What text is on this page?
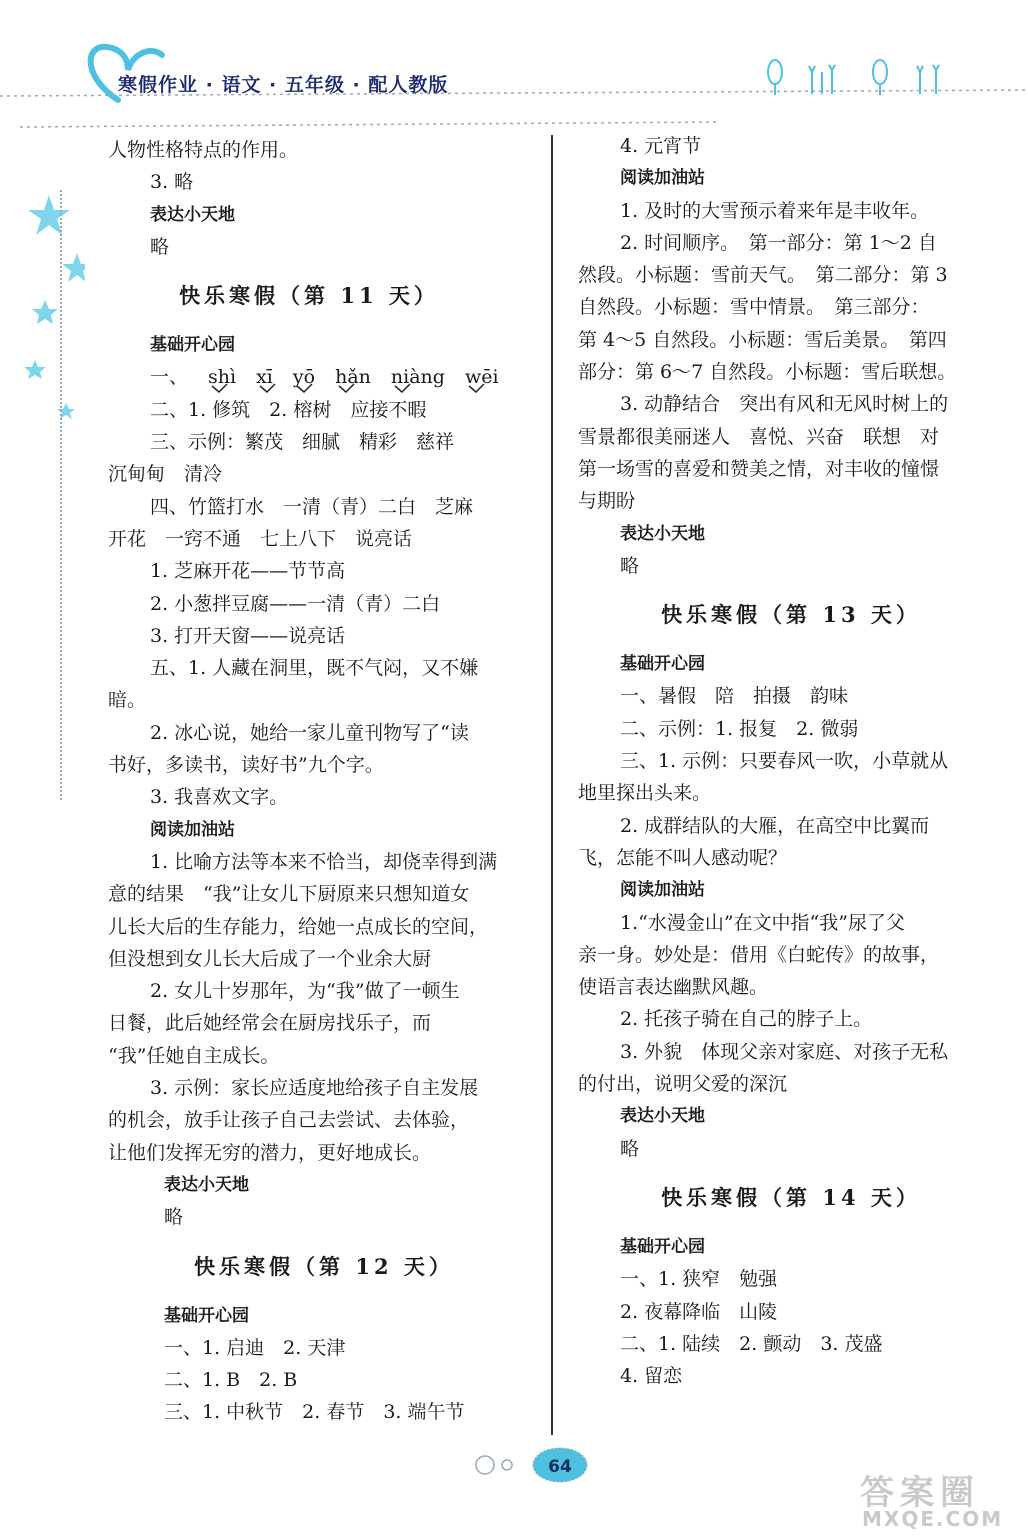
寒假作业 · 语文 · 五年级 · 配人教版
人物性格特点的作用。
3. 略
表达小天地
略
快乐寒假（第 11 天）
基础开心园
一、 shì xī yō hǎn niàng wēi
二、1. 修筑　2. 榕树　应接不暇
三、示例：繁茂　细腻　精彩　慈祥
沉甸甸　清冷
四、竹篮打水　一清（青）二白　芝麻
开花　一窍不通　七上八下　说亮话
1. 芝麻开花——节节高
2. 小葱拌豆腐——一清（青）二白
3. 打开天窗——说亮话
五、1. 人藏在洞里，既不气闷，又不嫌
暗。
2. 冰心说，她给一家儿童刊物写了“读
书好，多读书，读好书”九个字。
3. 我喜欢文字。
阅读加油站
1. 比喻方法等本来不恰当，却侥幸得到满
意的结果　“我”让女儿下厨原来只想知道女
儿长大后的生存能力，给她一点成长的空间，
但没想到女儿长大后成了一个业余大厨
2. 女儿十岁那年，为“我”做了一顿生
日餐，此后她经常会在厨房找乐子，而
“我”任她自主成长。
3. 示例：家长应适度地给孩子自主发展
的机会，放手让孩子自己去尝试、去体验，
让他们发挥无穷的潜力，更好地成长。
表达小天地
略
快乐寒假（第 12 天）
基础开心园
一、1. 启迪　2. 天津
二、1. B　2. B
三、1. 中秋节　2. 春节　3. 端午节
4. 元宵节
阅读加油站
1. 及时的大雪预示着来年是丰收年。
2. 时间顺序。　第一部分：第 1～2 自
然段。小标题：雪前天气。　第二部分：第 3
自然段。小标题：雪中情景。　第三部分：
第 4～5 自然段。小标题：雪后美景。　第四
部分：第 6～7 自然段。小标题：雪后联想。
3. 动静结合　突出有风和无风时树上的
雪景都很美丽迷人　喜悦、兴奋　联想　对
第一场雪的喜爱和赞美之情，对丰收的憧憬
与期盼
表达小天地
略
快乐寒假（第 13 天）
基础开心园
一、暑假　陪　拍摄　韵味
二、示例：1. 报复　2. 微弱
三、1. 示例：只要春风一吹，小草就从
地里探出头来。
2. 成群结队的大雁，在高空中比翼而
飞，怎能不叫人感动呢？
阅读加油站
1.“水漫金山”在文中指“我”尿了父
亲一身。妙处是：借用《白蛇传》的故事，
使语言表达幽默风趣。
2. 托孩子骑在自己的脖子上。
3. 外貌　体现父亲对家庭、对孩子无私
的付出，说明父爱的深沉
表达小天地
略
快乐寒假（第 14 天）
基础开心园
一、1. 狭窄　勉强
2. 夜幕降临　山陵
二、1. 陆续　2. 颤动　3. 茂盛
4. 留恋
64
答案圈
MXQE.COM
